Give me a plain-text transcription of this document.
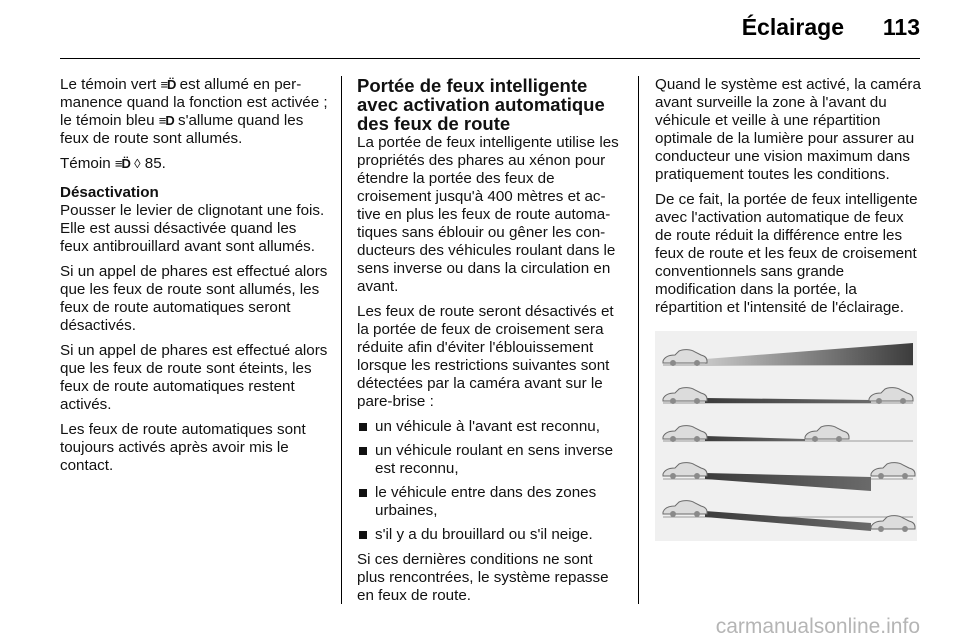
Éclairage 113

Le témoin vert ≡D̈ est allumé en permanence quand la fonction est activée ; le témoin bleu ≡D s'allume quand les feux de route sont allumés.

Témoin ≡D̈ ◊ 85.

Désactivation

Pousser le levier de clignotant une fois. Elle est aussi désactivée quand les feux antibrouillard avant sont allumés.

Si un appel de phares est effectué alors que les feux de route sont allumés, les feux de route automatiques seront désactivés.

Si un appel de phares est effectué alors que les feux de route sont éteints, les feux de route automatiques restent activés.

Les feux de route automatiques sont toujours activés après avoir mis le contact.

Portée de feux intelligente avec activation automatique des feux de route

La portée de feux intelligente utilise les propriétés des phares au xénon pour étendre la portée des feux de croisement jusqu'à 400 mètres et active en plus les feux de route automatiques sans éblouir ou gêner les conducteurs des véhicules roulant dans le sens inverse ou dans la circulation en avant.

Les feux de route seront désactivés et la portée de feux de croisement sera réduite afin d'éviter l'éblouissement lorsque les restrictions suivantes sont détectées par la caméra avant sur le pare-brise :

un véhicule à l'avant est reconnu,
un véhicule roulant en sens inverse est reconnu,
le véhicule entre dans des zones urbaines,
s'il y a du brouillard ou s'il neige.

Si ces dernières conditions ne sont plus rencontrées, le système repasse en feux de route.

Quand le système est activé, la caméra avant surveille la zone à l'avant du véhicule et veille à une répartition optimale de la lumière pour assurer au conducteur une vision maximum dans pratiquement toutes les conditions.

De ce fait, la portée de feux intelligente avec l'activation automatique de feux de route réduit la différence entre les feux de route et les feux de croisement conventionnels sans grande modification dans la portée, la répartition et l'intensité de l'éclairage.

carmanualsonline.info
